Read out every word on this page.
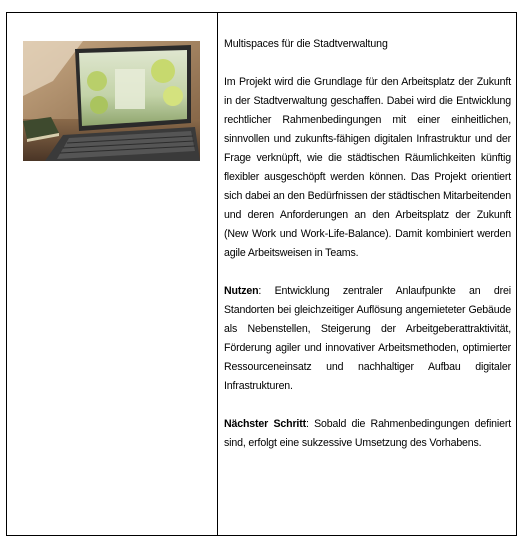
Multispaces für die Stadtverwaltung

Im Projekt wird die Grundlage für den Arbeitsplatz der Zukunft in der Stadtverwaltung geschaffen. Dabei wird die Entwicklung rechtlicher Rahmenbedingungen mit einer einheitlichen, sinnvollen und zukunfts-fähigen digitalen Infrastruktur und der Frage verknüpft, wie die städtischen Räumlichkeiten künftig flexibler ausgeschöpft werden können. Das Projekt orientiert sich dabei an den Bedürfnissen der städtischen Mitarbeitenden und deren Anforderungen an den Arbeitsplatz der Zukunft (New Work und Work-Life-Balance). Damit kombiniert werden agile Arbeitsweisen in Teams.

Nutzen: Entwicklung zentraler Anlaufpunkte an drei Standorten bei gleichzeitiger Auflösung angemieteter Gebäude als Nebenstellen, Steigerung der Arbeitgeberattraktivität, Förderung agiler und innovativer Arbeitsmethoden, optimierter Ressourceneinsatz und nachhaltiger Aufbau digitaler Infrastrukturen.

Nächster Schritt: Sobald die Rahmenbedingungen definiert sind, erfolgt eine sukzessive Umsetzung des Vorhabens.
